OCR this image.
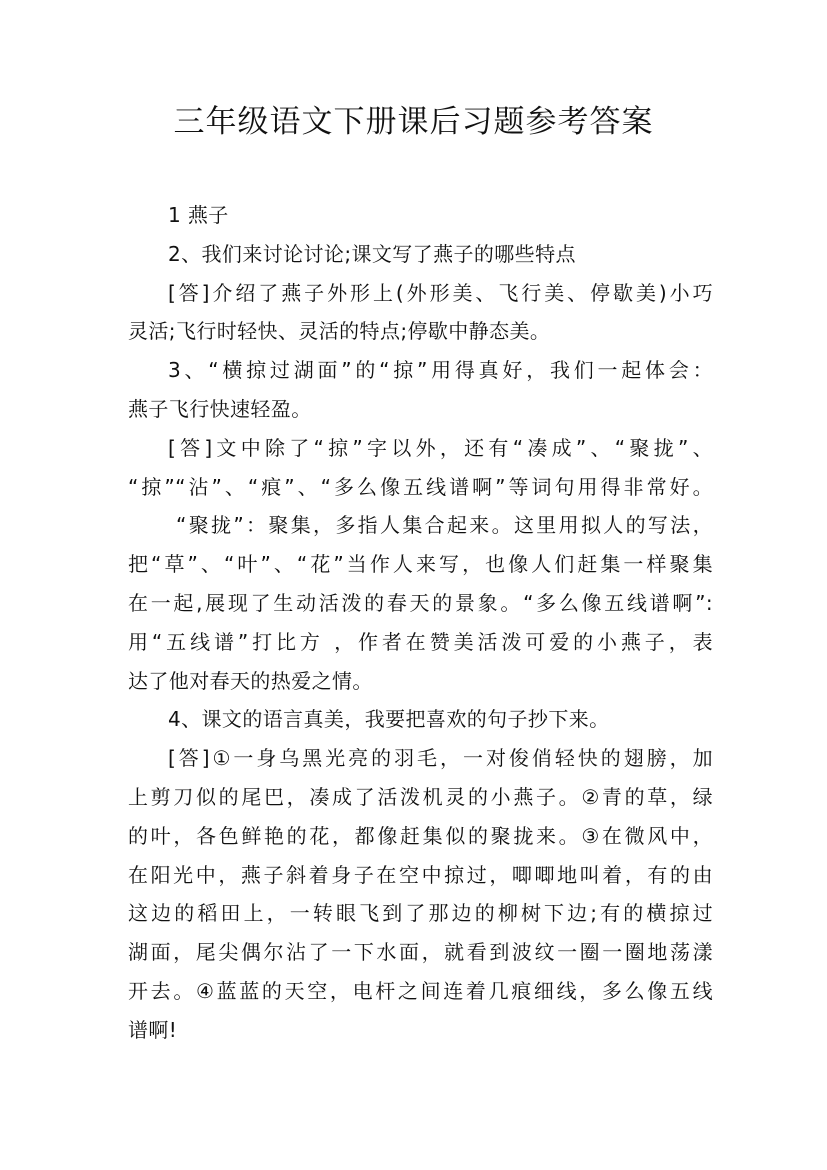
三年级语文下册课后习题参考答案
1 燕子
2、我们来讨论讨论;课文写了燕子的哪些特点
[答]介绍了燕子外形上(外形美、飞行美、停歇美)小巧
灵活;飞行时轻快、灵活的特点;停歇中静态美。
3、“横掠过湖面”的“掠”用得真好，我们一起体会：
燕子飞行快速轻盈。
[答]文中除了“掠”字以外，还有“凑成”、“聚拢”、
“掠”“沾”、“痕”、“多么像五线谱啊”等词句用得非常好。
“聚拢”：聚集，多指人集合起来。这里用拟人的写法，
把“草”、“叶”、“花”当作人来写，也像人们赶集一样聚集
在一起,展现了生动活泼的春天的景象。“多么像五线谱啊”:
用“五线谱”打比方 ，作者在赞美活泼可爱的小燕子，表
达了他对春天的热爱之情。
4、课文的语言真美，我要把喜欢的句子抄下来。
[答]①一身乌黑光亮的羽毛，一对俊俏轻快的翅膀，加
上剪刀似的尾巴，凑成了活泼机灵的小燕子。②青的草，绿
的叶，各色鲜艳的花，都像赶集似的聚拢来。③在微风中，
在阳光中，燕子斜着身子在空中掠过，唧唧地叫着，有的由
这边的稻田上，一转眼飞到了那边的柳树下边;有的横掠过
湖面，尾尖偶尔沾了一下水面，就看到波纹一圈一圈地荡漾
开去。④蓝蓝的天空，电杆之间连着几痕细线，多么像五线
谱啊!
